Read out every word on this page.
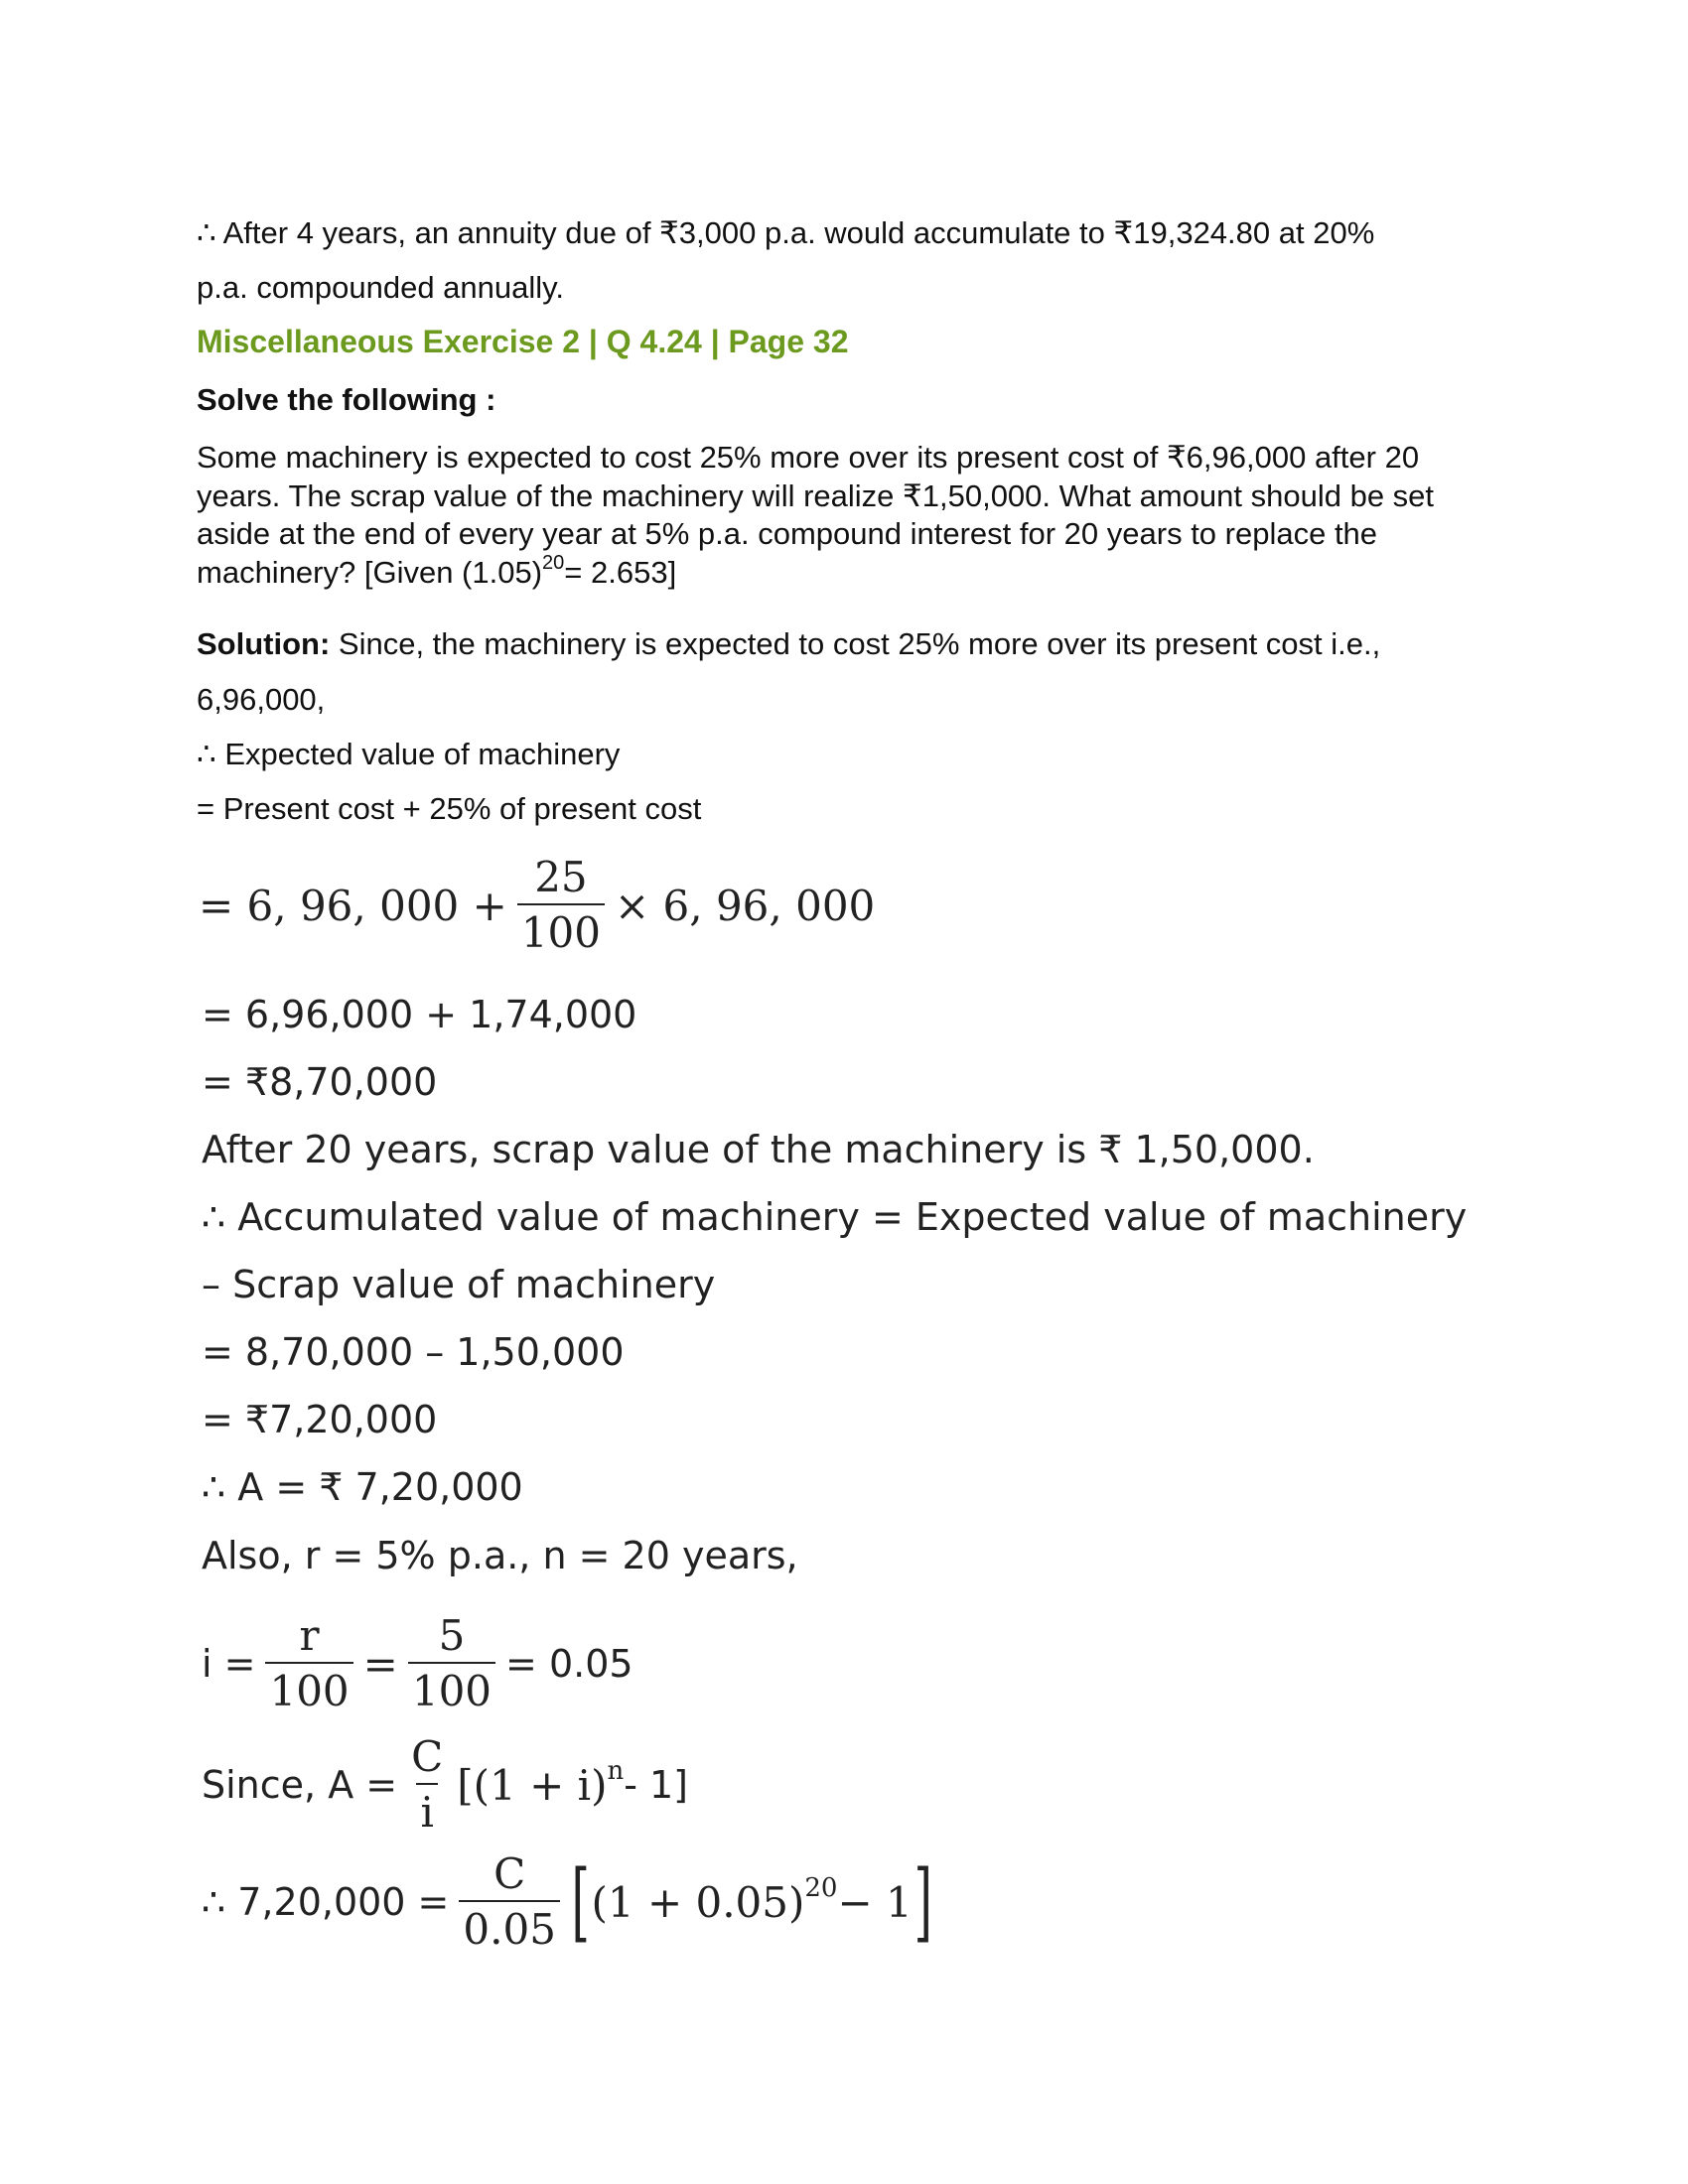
∴ After 4 years, an annuity due of ₹3,000 p.a. would accumulate to ₹19,324.80 at 20%
p.a. compounded annually.
Miscellaneous Exercise 2 | Q 4.24 | Page 32
Solve the following :
Some machinery is expected to cost 25% more over its present cost of ₹6,96,000 after 20 years. The scrap value of the machinery will realize ₹1,50,000. What amount should be set aside at the end of every year at 5% p.a. compound interest for 20 years to replace the machinery? [Given $(1.05)^{20}= 2.653$]
Solution: Since, the machinery is expected to cost 25% more over its present cost i.e.,
6,96,000,
∴ Expected value of machinery
= Present cost + 25% of present cost
= 6, 96, $000 + \frac{25}{100} \times 6$, 96, 000
= 6,96,000 + 1,74,000
= ₹8,70,000
After 20 years, scrap value of the machinery is ₹ 1,50,000.
∴ Accumulated value of machinery = Expected value of machinery
– Scrap value of machinery
= 8,70,000 – 1,50,000
= ₹7,20,000
∴ A = ₹ 7,20,000
Also, r = 5% p.a., n = 20 years,
$i = \frac{r}{100} = \frac{5}{100} = 0.05$
Since, $A = \frac{C}{i} [(1 + i)^n - 1]$
∴ $7,20,000 = \frac{C}{0.05}$ [ $(1 + 0.05)^{20} - 1$ ]
